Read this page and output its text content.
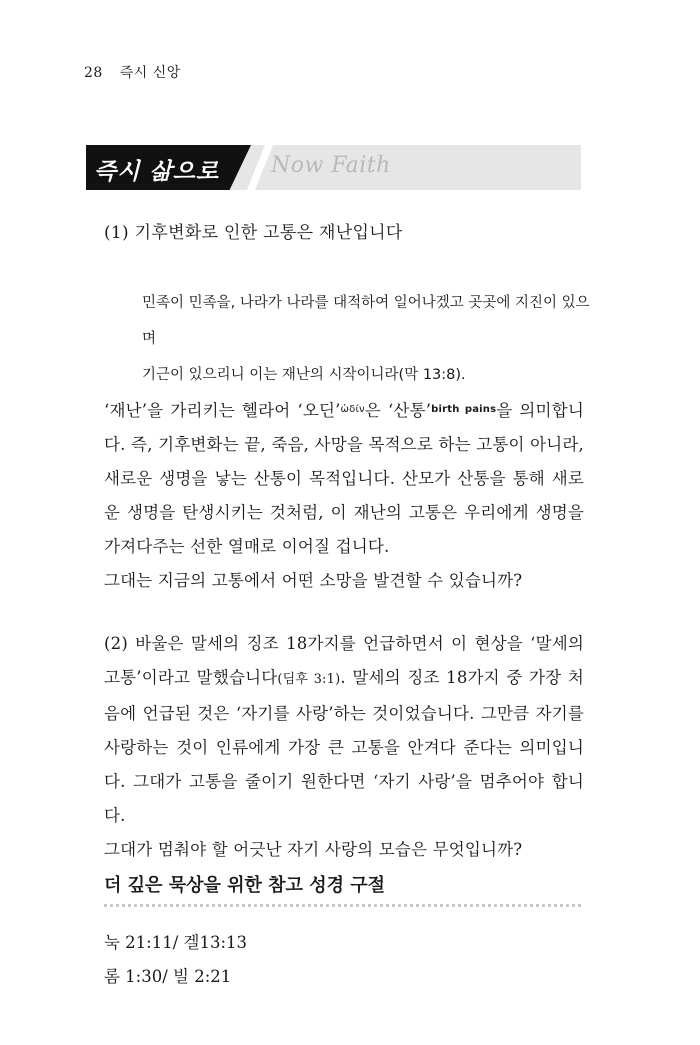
28 즉시 신앙
즉시 삶으로 Now Faith
(1) 기후변화로 인한 고통은 재난입니다

민족이 민족을, 나라가 나라를 대적하여 일어나겠고 곳곳에 지진이 있으며

기근이 있으리니 이는 재난의 시작이니라(막 13:8).

‘재난’을 가리키는 헬라어 ‘오딘’$^{ὠ\delta ί\nu}$은 ‘산통’$^{birth pains}$을 의미합니다. 즉, 기후변화는 끝, 죽음, 사망을 목적으로 하는 고통이 아니라, 새로운 생명을 낳는 산통이 목적입니다. 산모가 산통을 통해 새로운 생명을 탄생시키는 것처럼, 이 재난의 고통은 우리에게 생명을 가져다주는 선한 열매로 이어질 겁니다.

그대는 지금의 고통에서 어떤 소망을 발견할 수 있습니까?

(2) 바울은 말세의 징조 18가지를 언급하면서 이 현상을 ‘말세의 고통’이라고 말했습니다(딤후 3:1). 말세의 징조 18가지 중 가장 처음에 언급된 것은 ‘자기를 사랑’하는 것이었습니다. 그만큼 자기를 사랑하는 것이 인류에게 가장 큰 고통을 안겨다 준다는 의미입니다. 그대가 고통을 줄이기 원한다면 ‘자기 사랑’을 멈추어야 합니다.

그대가 멈춰야 할 어긋난 자기 사랑의 모습은 무엇입니까?

더 깊은 묵상을 위한 참고 성경 구절

눅 21:11/ 겔13:13

롬 1:30/ 빌 2:21
